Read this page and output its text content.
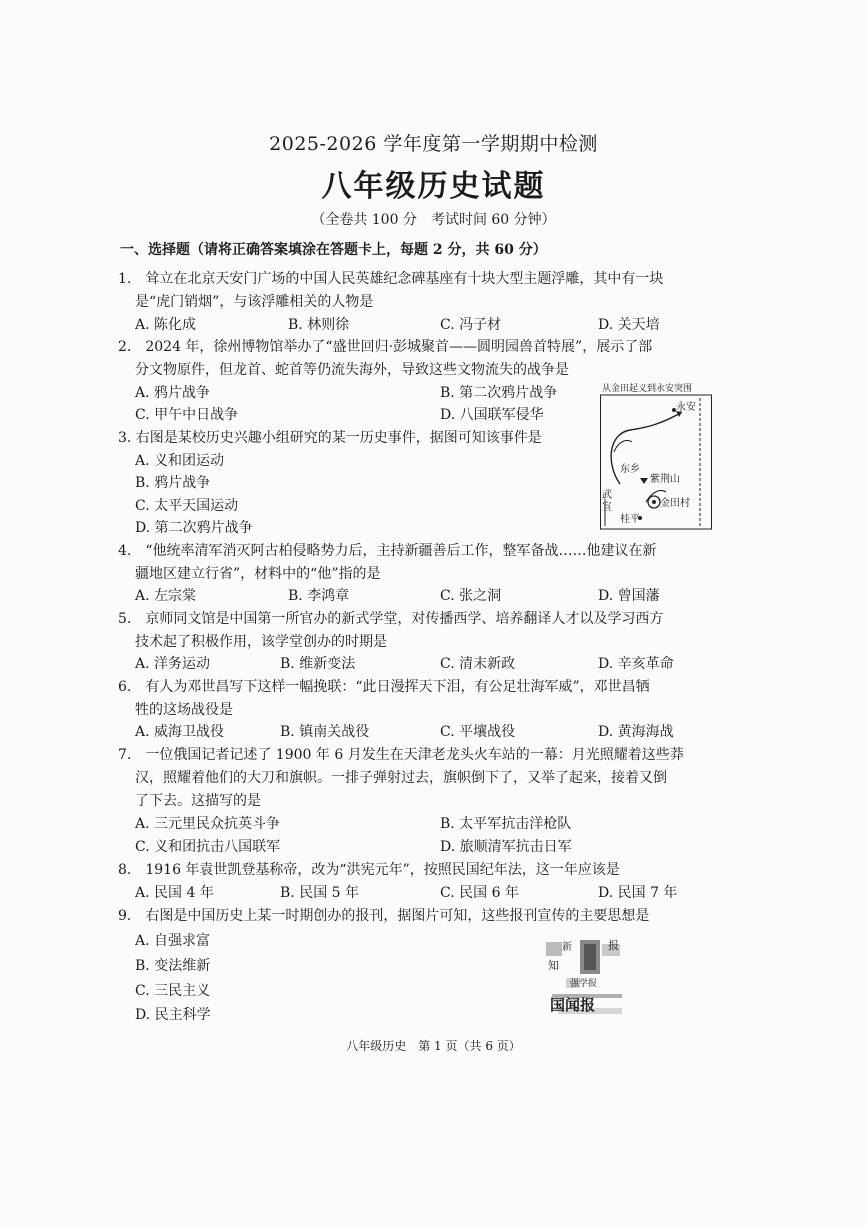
2025-2026 学年度第一学期期中检测
八年级历史试题
（全卷共 100 分　考试时间 60 分钟）
一、选择题（请将正确答案填涂在答题卡上，每题 2 分，共 60 分）
1.　耸立在北京天安门广场的中国人民英雄纪念碑基座有十块大型主题浮雕，其中有一块
是“虎门销烟”，与该浮雕相关的人物是
A. 陈化成	B. 林则徐	C. 冯子材	D. 关天培
2.　2024 年，徐州博物馆举办了“盛世回归·彭城聚首——圆明园兽首特展”，展示了部
分文物原件，但龙首、蛇首等仍流失海外，导致这些文物流失的战争是
A. 鸦片战争	B. 第二次鸦片战争
C. 甲午中日战争	D. 八国联军侵华
3. 右图是某校历史兴趣小组研究的某一历史事件，据图可知该事件是
A. 义和团运动
B. 鸦片战争
C. 太平天国运动
D. 第二次鸦片战争
从金田起义到永安突围
永安
东乡
紫荆山
金田村
武宣
桂平
4.　“他统率清军消灭阿古柏侵略势力后，主持新疆善后工作，整军备战……他建议在新
疆地区建立行省”，材料中的“他”指的是
A. 左宗棠	B. 李鸿章	C. 张之洞	D. 曾国藩
5.　京师同文馆是中国第一所官办的新式学堂，对传播西学、培养翻译人才以及学习西方
技术起了积极作用，该学堂创办的时期是
A. 洋务运动	B. 维新变法	C. 清末新政	D. 辛亥革命
6.　有人为邓世昌写下这样一幅挽联：“此日漫挥天下泪，有公足壮海军威”，邓世昌牺
牲的这场战役是
A. 威海卫战役	B. 镇南关战役	C. 平壤战役	D. 黄海海战
7.　一位俄国记者记述了 1900 年 6 月发生在天津老龙头火车站的一幕：月光照耀着这些莽
汉，照耀着他们的大刀和旗帜。一排子弹射过去，旗帜倒下了，又举了起来，接着又倒
了下去。这描写的是
A. 三元里民众抗英斗争	B. 太平军抗击洋枪队
C. 义和团抗击八国联军	D. 旅顺清军抗击日军
8.　1916 年袁世凯登基称帝，改为“洪宪元年”，按照民国纪年法，这一年应该是
A. 民国 4 年	B. 民国 5 年	C. 民国 6 年	D. 民国 7 年
9.　右图是中国历史上某一时期创办的报刊，据图片可知，这些报刊宣传的主要思想是
A. 自强求富
B. 变法维新
C. 三民主义
D. 民主科学
知
新	报
强学报
国闻报
八年级历史　第 1 页（共 6 页）
